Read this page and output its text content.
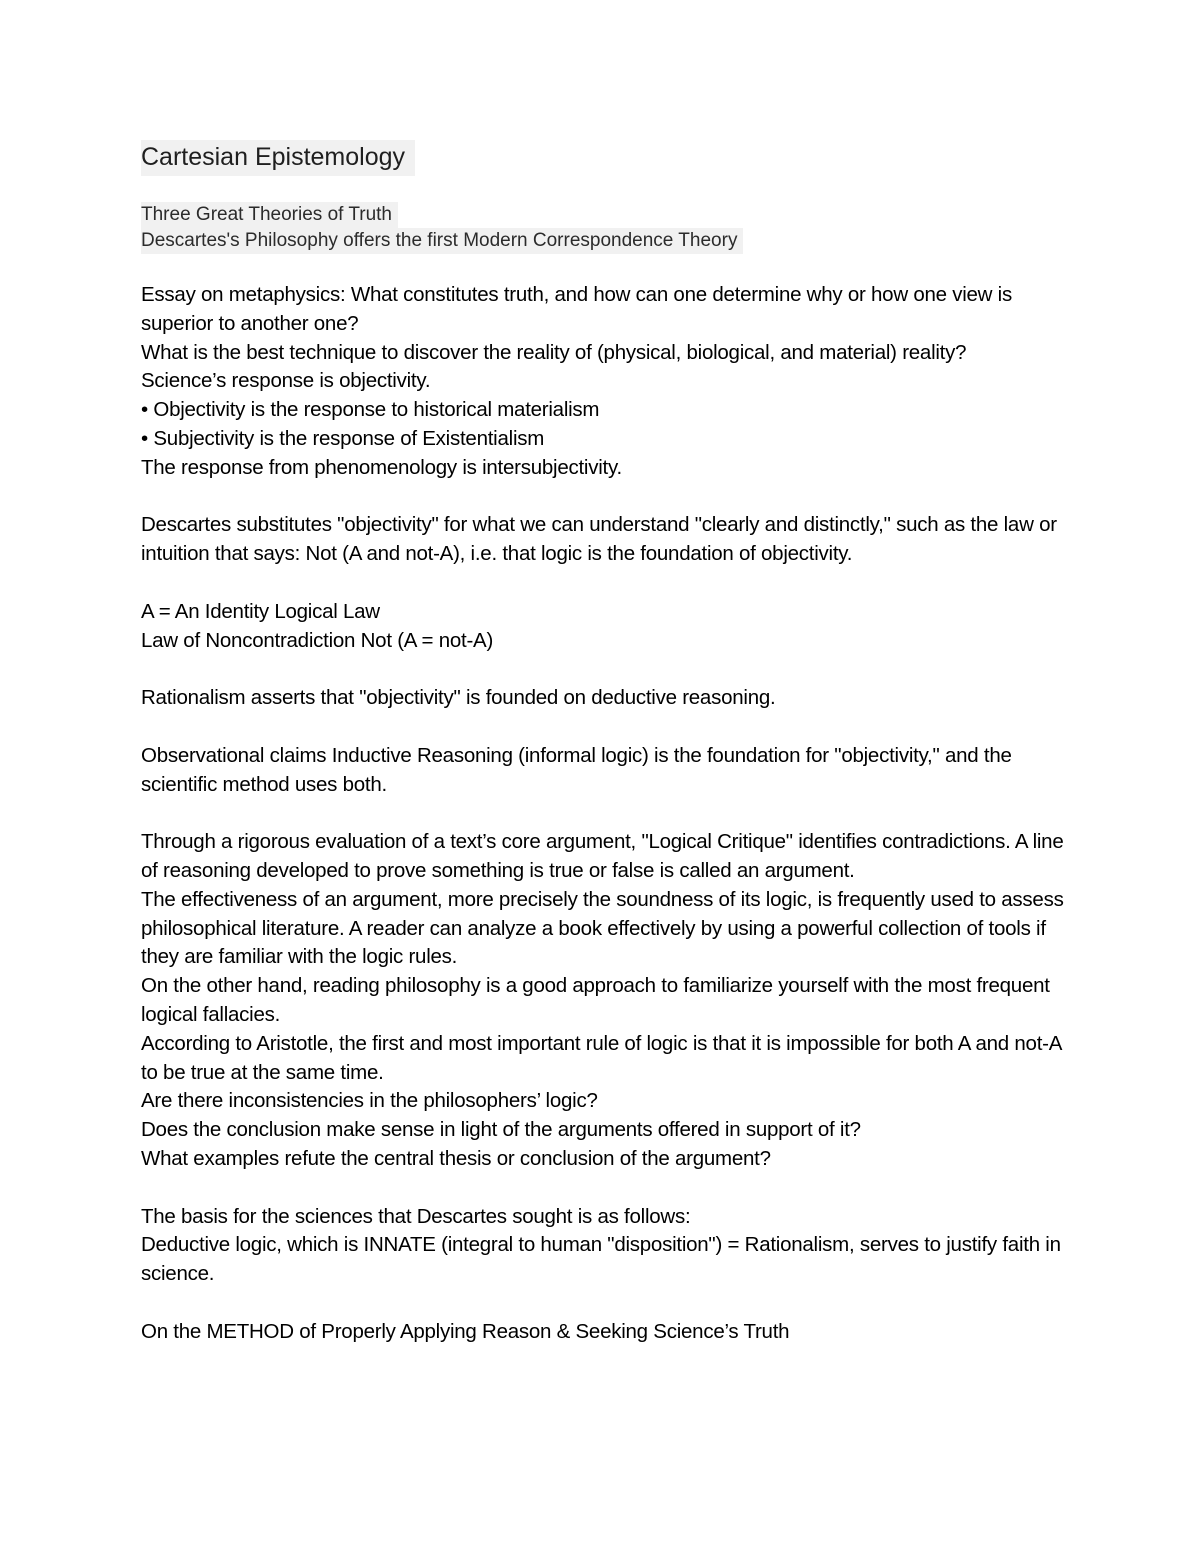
Cartesian Epistemology
Three Great Theories of Truth
Descartes's Philosophy offers the first Modern Correspondence Theory

Essay on metaphysics: What constitutes truth, and how can one determine why or how one view is superior to another one?

What is the best technique to discover the reality of (physical, biological, and material) reality?

Science’s response is objectivity.

• Objectivity is the response to historical materialism

• Subjectivity is the response of Existentialism

The response from phenomenology is intersubjectivity.

Descartes substitutes "objectivity" for what we can understand "clearly and distinctly," such as the law or intuition that says: Not (A and not-A), i.e. that logic is the foundation of objectivity.

A = An Identity Logical Law

Law of Noncontradiction Not (A = not-A)

Rationalism asserts that "objectivity" is founded on deductive reasoning.

Observational claims Inductive Reasoning (informal logic) is the foundation for "objectivity," and the scientific method uses both.

Through a rigorous evaluation of a text’s core argument, "Logical Critique" identifies contradictions. A line of reasoning developed to prove something is true or false is called an argument.

The effectiveness of an argument, more precisely the soundness of its logic, is frequently used to assess philosophical literature. A reader can analyze a book effectively by using a powerful collection of tools if they are familiar with the logic rules.

On the other hand, reading philosophy is a good approach to familiarize yourself with the most frequent logical fallacies.

According to Aristotle, the first and most important rule of logic is that it is impossible for both A and not-A to be true at the same time.

Are there inconsistencies in the philosophers’ logic?

Does the conclusion make sense in light of the arguments offered in support of it?

What examples refute the central thesis or conclusion of the argument?

The basis for the sciences that Descartes sought is as follows:

Deductive logic, which is INNATE (integral to human "disposition") = Rationalism, serves to justify faith in science.

On the METHOD of Properly Applying Reason & Seeking Science’s Truth
